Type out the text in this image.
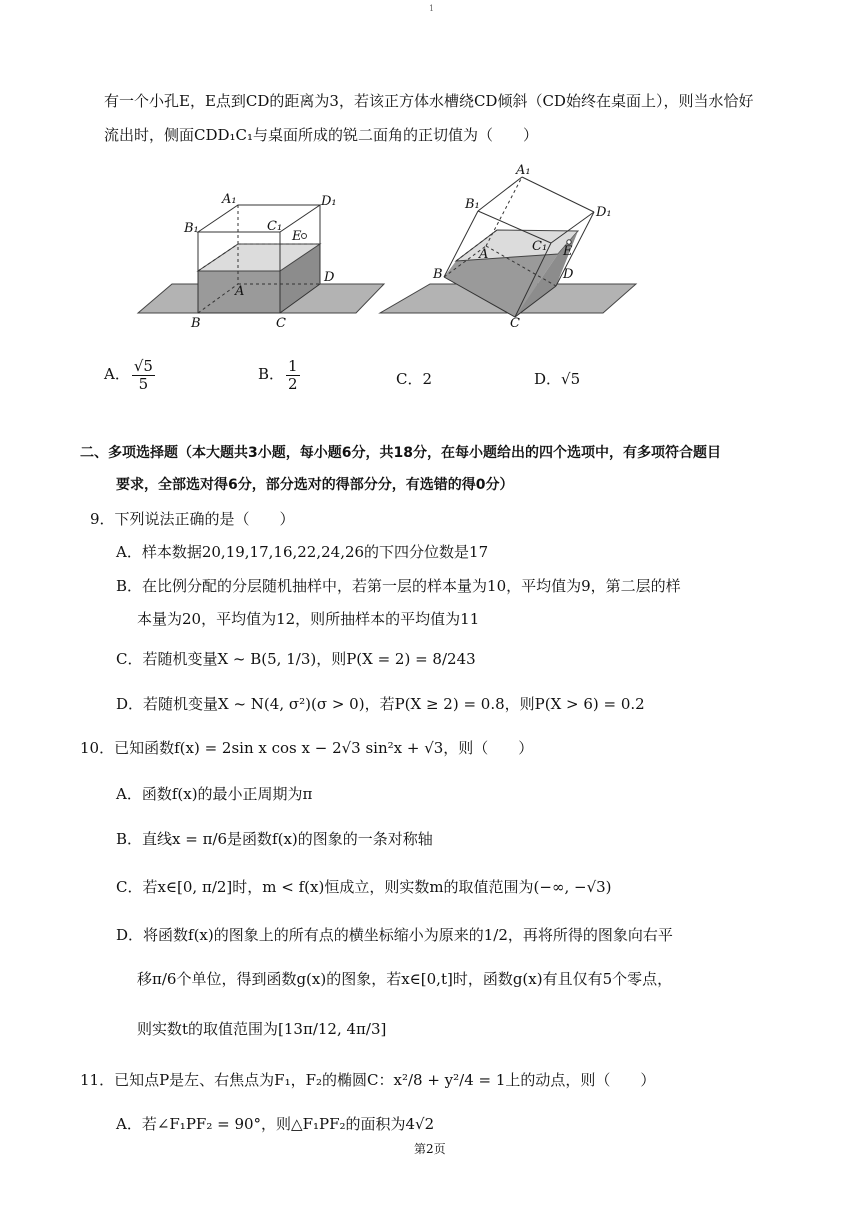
1
有一个小孔E，E点到CD的距离为3，若该正方体水槽绕CD倾斜（CD始终在桌面上），则当水恰好
流出时，侧面CDD₁C₁与桌面所成的锐二面角的正切值为（　　）
A₁	D₁
B₁	C₁
E
D
A
B	C
A₁
D₁
B₁
C₁ E
D
A
B
C
A． $\frac{√5}{5}$	B． $\frac{1}{2}$	C．2	D．√5
二、多项选择题（本大题共3小题，每小题6分，共18分，在每小题给出的四个选项中，有多项符合题目
要求，全部选对得6分，部分选对的得部分分，有选错的得0分）
9．下列说法正确的是（　　）
A．样本数据20,19,17,16,22,24,26的下四分位数是17
B．在比例分配的分层随机抽样中，若第一层的样本量为10，平均值为9，第二层的样
本量为20，平均值为12，则所抽样本的平均值为11
C．若随机变量X ~ B(5, 1/3)，则P(X = 2) = 8/243
D．若随机变量X ~ N(4, σ²)(σ > 0)，若P(X ≥ 2) = 0.8，则P(X > 6) = 0.2
10．已知函数f(x) = 2sin x cos x − 2√3 sin²x + √3，则（　　）
A．函数f(x)的最小正周期为π
B．直线x = π/6是函数f(x)的图象的一条对称轴
C．若x∈[0, π/2]时，m < f(x)恒成立，则实数m的取值范围为(−∞, −√3)
D．将函数f(x)的图象上的所有点的横坐标缩小为原来的1/2，再将所得的图象向右平
移π/6个单位，得到函数g(x)的图象，若x∈[0,t]时，函数g(x)有且仅有5个零点，
则实数t的取值范围为[13π/12, 4π/3]
11．已知点P是左、右焦点为F₁，F₂的椭圆C：x²/8 + y²/4 = 1上的动点，则（　　）
A．若∠F₁PF₂ = 90°，则△F₁PF₂的面积为4√2
第2页
